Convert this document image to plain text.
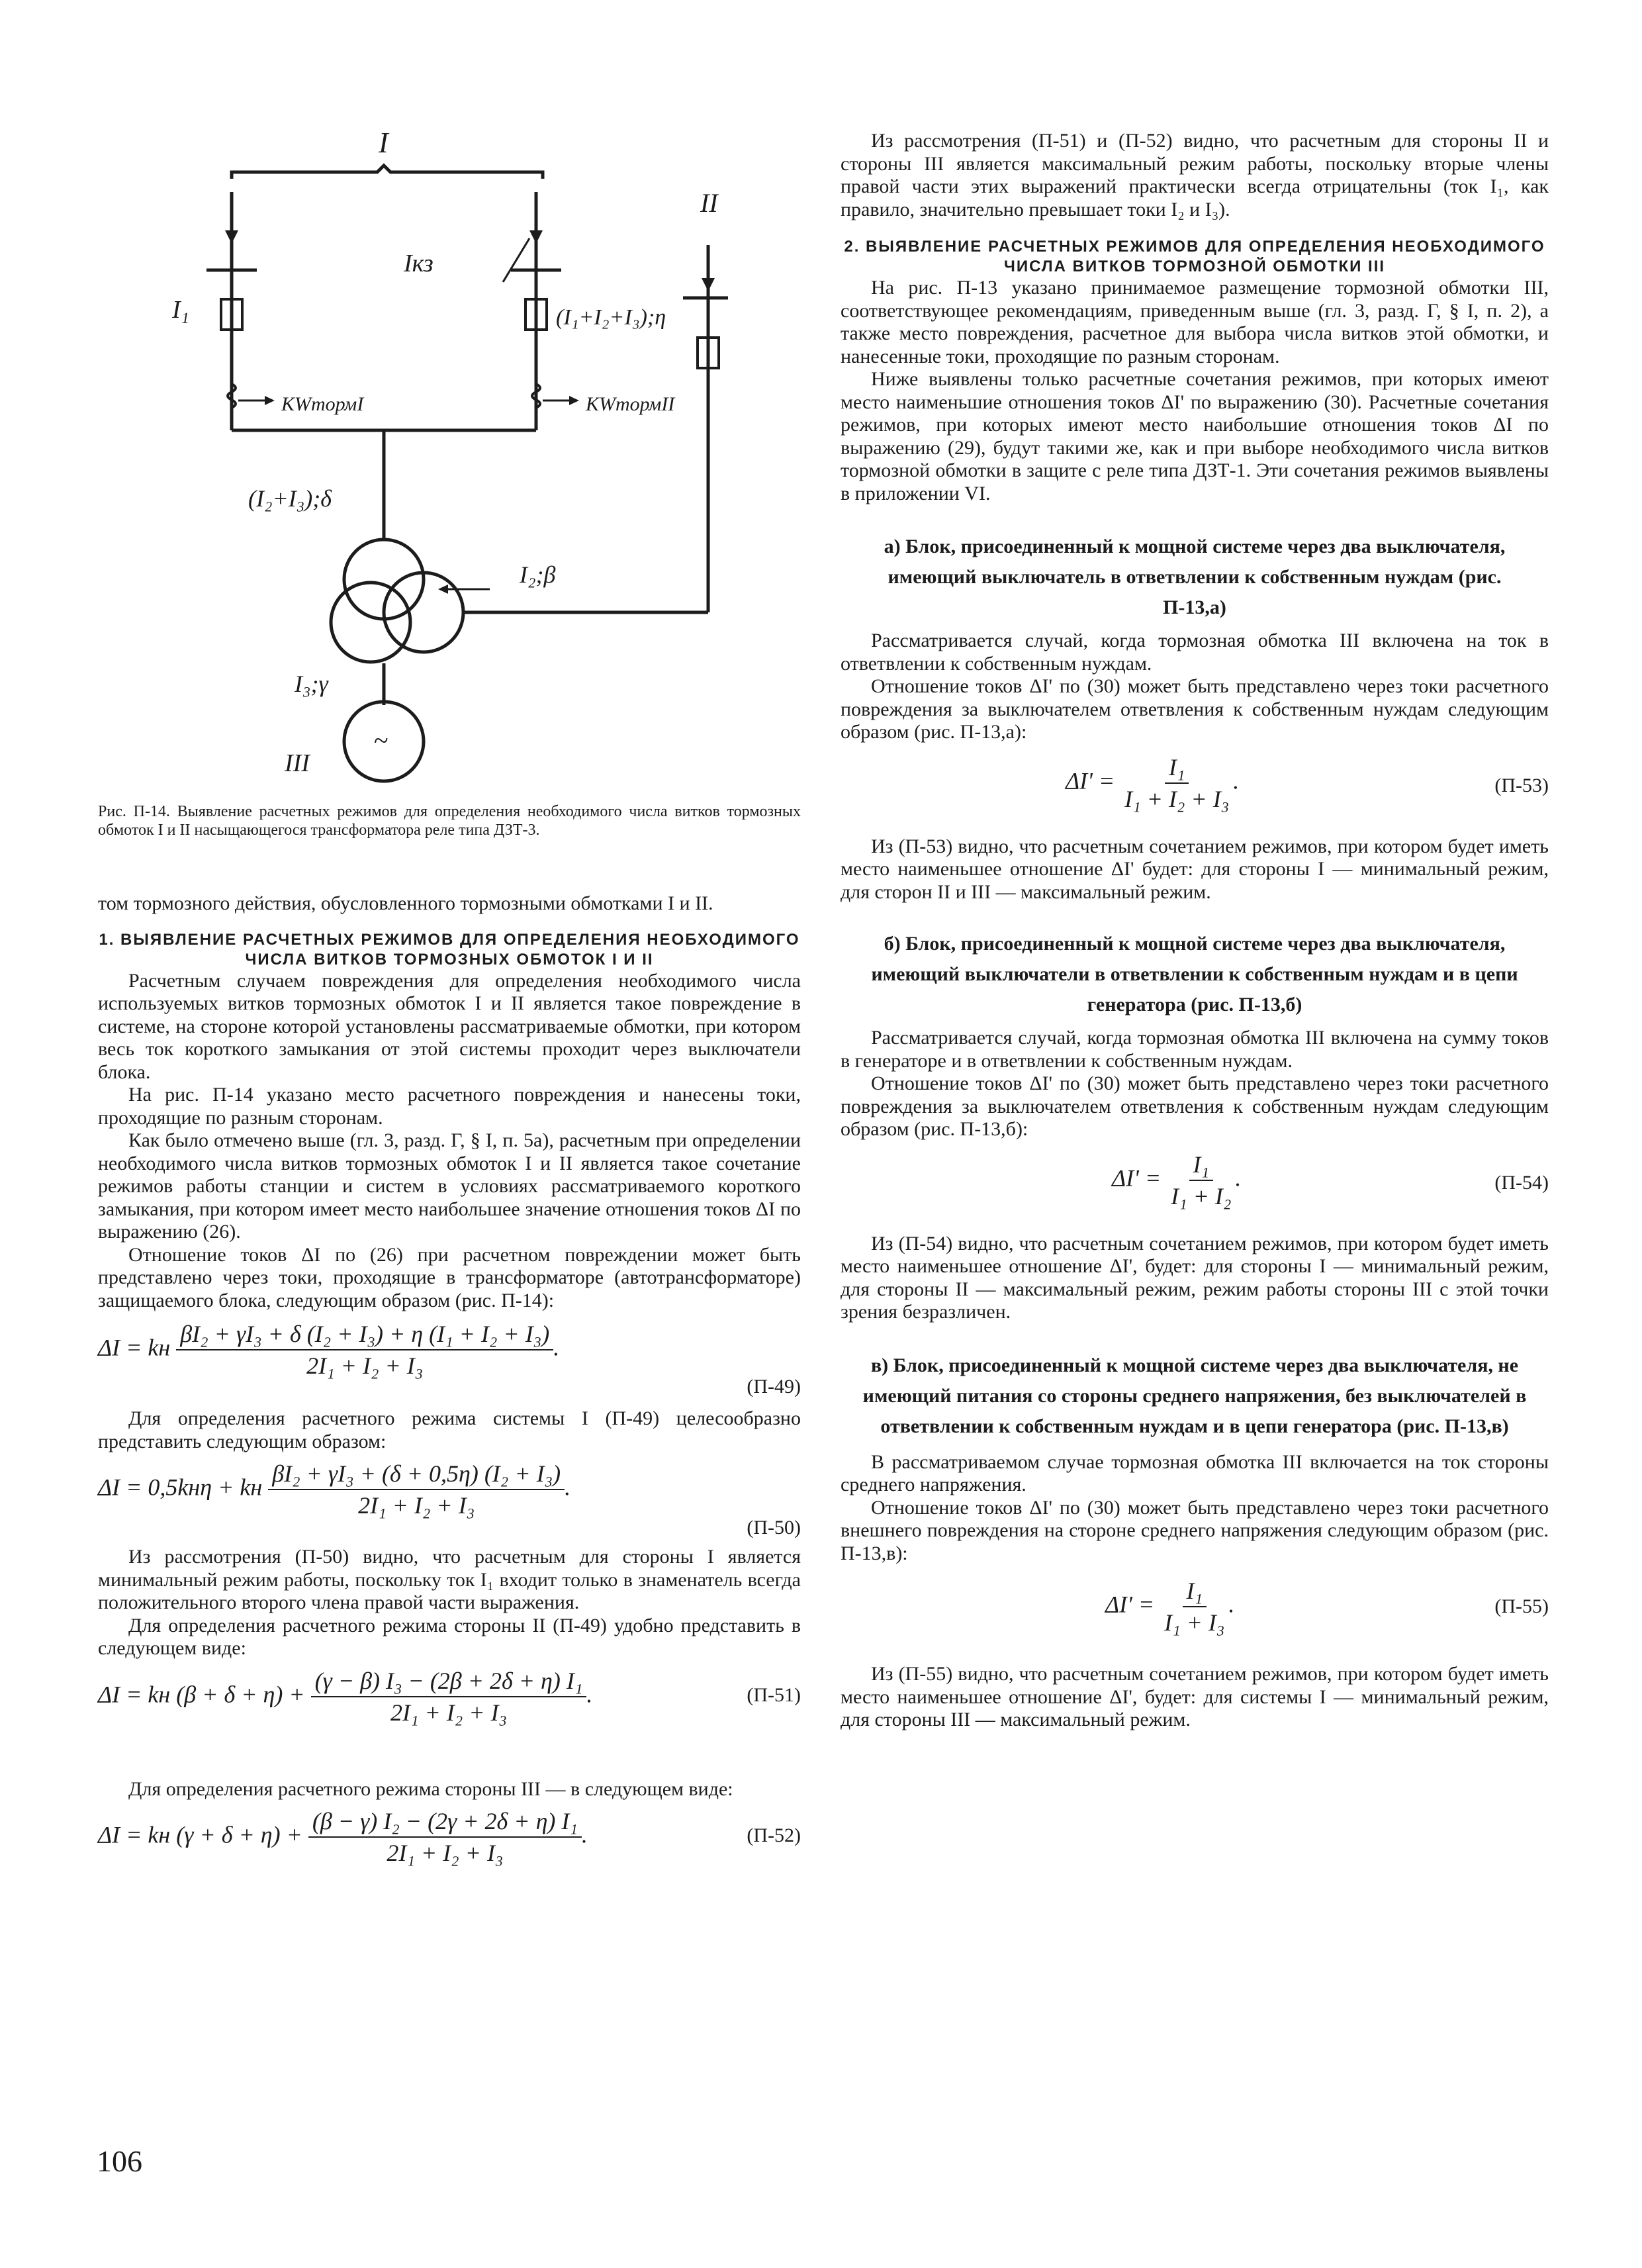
I
II
Iкз
I₁	(I₁+I₂+I₃);η
KWтормI	KWтормII
(I₂+I₃);δ
I₂;β
I₃;γ
III
~

Рис. П-14. Выявление расчетных режимов для определения необходимого числа витков тормозных обмоток I и II насыщающегося трансформатора реле типа ДЗТ-3.

том тормозного действия, обусловленного тормозными обмотками I и II.

1. ВЫЯВЛЕНИЕ РАСЧЕТНЫХ РЕЖИМОВ ДЛЯ ОПРЕДЕЛЕНИЯ НЕОБХОДИМОГО ЧИСЛА ВИТКОВ ТОРМОЗНЫХ ОБМОТОК I И II

Расчетным случаем повреждения для определения необходимого числа используемых витков тормозных обмоток I и II является такое повреждение в системе, на стороне которой установлены рассматриваемые обмотки, при котором весь ток короткого замыкания от этой системы проходит через выключатели блока.

На рис. П-14 указано место расчетного повреждения и нанесены токи, проходящие по разным сторонам.

Как было отмечено выше (гл. 3, разд. Г, § I, п. 5а), расчетным при определении необходимого числа витков тормозных обмоток I и II является такое сочетание режимов работы станции и систем в условиях рассматриваемого короткого замыкания, при котором имеет место наибольшее значение отношения токов ΔI по выражению (26).

Отношение токов ΔI по (26) при расчетном повреждении может быть представлено через токи, проходящие в трансформаторе (автотрансформаторе) защищаемого блока, следующим образом (рис. П-14):

ΔI = kн $\frac{\text{βI₂ + γI₃ + δ (I₂ + I₃) + η (I₁ + I₂ + I₃)}}{\text{2I₁ + I₂ + I₃}}$ .
(П-49)

Для определения расчетного режима системы I (П-49) целесообразно представить следующим образом:

ΔI = 0,5kнη + kн $\frac{\text{βI₂ + γI₃ + (δ + 0,5η) (I₂ + I₃)}}{\text{2I₁ + I₂ + I₃}}$ .
(П-50)

Из рассмотрения (П-50) видно, что расчетным для стороны I является минимальный режим работы, поскольку ток I₁ входит только в знаменатель всегда положительного второго члена правой части выражения.

Для определения расчетного режима стороны II (П-49) удобно представить в следующем виде:

ΔI = kн $(\beta + \delta + \eta) + \frac{\text{(γ − β) I₃ − (2β + 2δ + η) I₁}}{\text{2I₁ + I₂ + I₃}}$ .	(П-51)

Для определения расчетного режима стороны III — в следующем виде:

ΔI = kн $(\gamma + \delta + \eta) + \frac{\text{(β − γ) I₂ − (2γ + 2δ + η) I₁}}{\text{2I₁ + I₂ + I₃}}$ .	(П-52)

Из рассмотрения (П-51) и (П-52) видно, что расчетным для стороны II и стороны III является максимальный режим работы, поскольку вторые члены правой части этих выражений практически всегда отрицательны (ток I₁, как правило, значительно превышает токи I₂ и I₃).

2. ВЫЯВЛЕНИЕ РАСЧЕТНЫХ РЕЖИМОВ ДЛЯ ОПРЕДЕЛЕНИЯ НЕОБХОДИМОГО ЧИСЛА ВИТКОВ ТОРМОЗНОЙ ОБМОТКИ III

На рис. П-13 указано принимаемое размещение тормозной обмотки III, соответствующее рекомендациям, приведенным выше (гл. 3, разд. Г, § I, п. 2), а также место повреждения, расчетное для выбора числа витков этой обмотки, и нанесенные токи, проходящие по разным сторонам.

Ниже выявлены только расчетные сочетания режимов, при которых имеют место наименьшие отношения токов ΔI' по выражению (30). Расчетные сочетания режимов, при которых имеют место наибольшие отношения токов ΔI по выражению (29), будут такими же, как и при выборе необходимого числа витков тормозной обмотки в защите с реле типа ДЗТ-1. Эти сочетания режимов выявлены в приложении VI.

а) Блок, присоединенный к мощной системе через два выключателя, имеющий выключатель в ответвлении к собственным нуждам (рис. П-13,а)

Рассматривается случай, когда тормозная обмотка III включена на ток в ответвлении к собственным нуждам.

Отношение токов ΔI' по (30) может быть представлено через токи расчетного повреждения за выключателем ответвления к собственным нуждам следующим образом (рис. П-13,а):

$\Delta I' = \frac{\text{I₁}}{\text{I₁ + I₂ + I₃}}$ .	(П-53)

Из (П-53) видно, что расчетным сочетанием режимов, при котором будет иметь место наименьшее отношение ΔI' будет: для стороны I — минимальный режим, для сторон II и III — максимальный режим.

б) Блок, присоединенный к мощной системе через два выключателя, имеющий выключатели в ответвлении к собственным нуждам и в цепи генератора (рис. П-13,б)

Рассматривается случай, когда тормозная обмотка III включена на сумму токов в генераторе и в ответвлении к собственным нуждам.

Отношение токов ΔI' по (30) может быть представлено через токи расчетного повреждения за выключателем ответвления к собственным нуждам следующим образом (рис. П-13,б):

$\Delta I' = \frac{\text{I₁}}{\text{I₁ + I₂}}$ .	(П-54)

Из (П-54) видно, что расчетным сочетанием режимов, при котором будет иметь место наименьшее отношение ΔI', будет: для стороны I — минимальный режим, для стороны II — максимальный режим, режим работы стороны III с этой точки зрения безразличен.

в) Блок, присоединенный к мощной системе через два выключателя, не имеющий питания со стороны среднего напряжения, без выключателей в ответвлении к собственным нуждам и в цепи генератора (рис. П-13,в)

В рассматриваемом случае тормозная обмотка III включается на ток стороны среднего напряжения.

Отношение токов ΔI' по (30) может быть представлено через токи расчетного внешнего повреждения на стороне среднего напряжения следующим образом (рис. П-13,в):

$\Delta I' = \frac{\text{I₁}}{\text{I₁ + I₃}}$ .	(П-55)

Из (П-55) видно, что расчетным сочетанием режимов, при котором будет иметь место наименьшее отношение ΔI', будет: для системы I — минимальный режим, для стороны III — максимальный режим.

106
